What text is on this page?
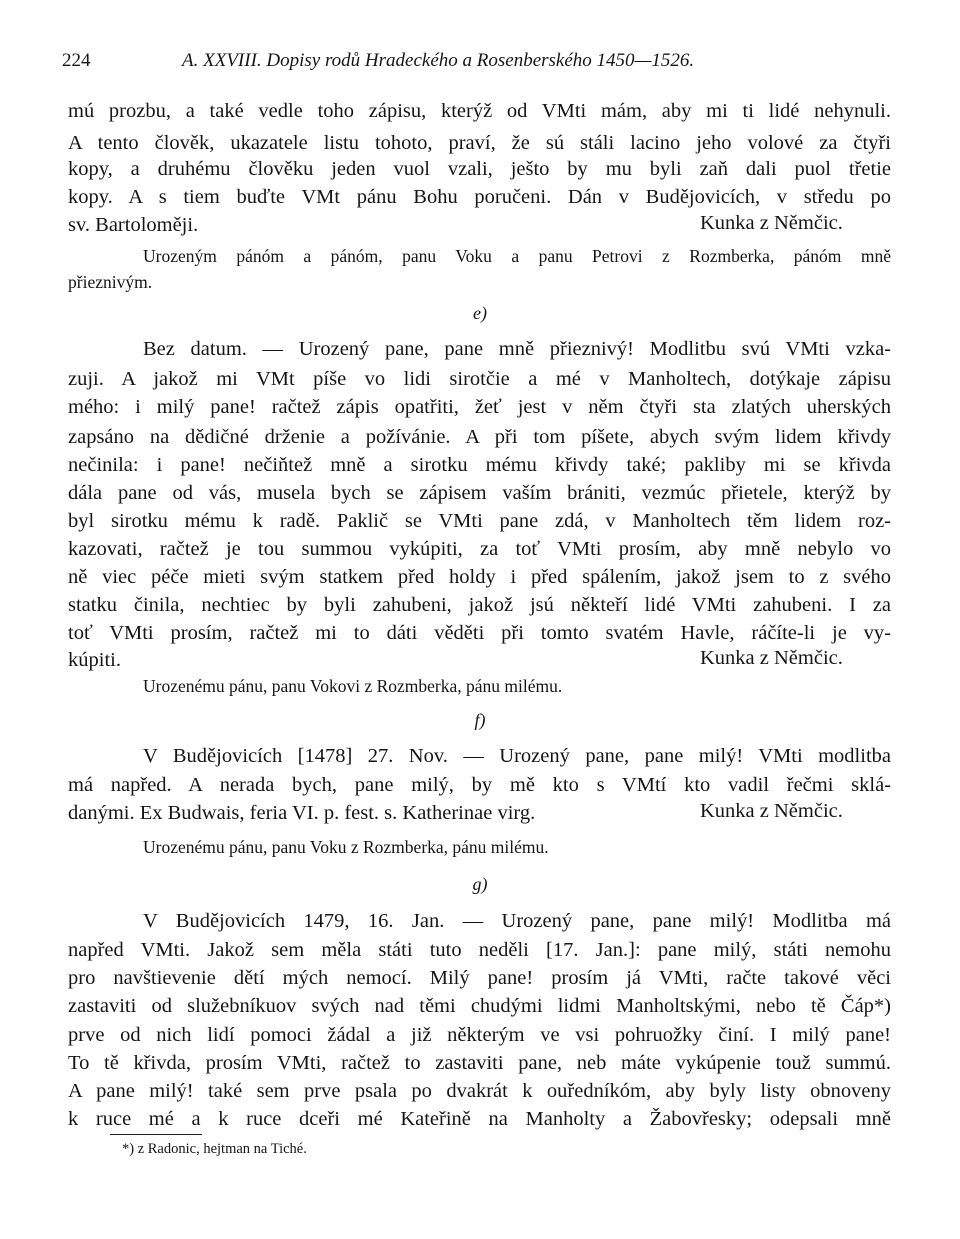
224	A. XXVIII. Dopisy rodů Hradeckého a Rosenberského 1450—1526.
mú prozbu, a také vedle toho zápisu, kterýž od VMti mám, aby mi ti lidé nehynuli.
A tento člověk, ukazatele listu tohoto, praví, že sú stáli lacino jeho volové za čtyři
kopy, a druhému člověku jeden vuol vzali, ješto by mu byli zaň dali puol třetie
kopy. A s tiem buďte VMt pánu Bohu poručeni. Dán v Budějovicích, v středu po
sv. Bartoloměji.	Kunka z Němčic.
Urozeným pánóm a pánóm, panu Voku a panu Petrovi z Rozmberka, pánóm mně
přieznivým.
e)
Bez datum. — Urozený pane, pane mně přieznivý! Modlitbu svú VMti vzka-
zuji. A jakož mi VMt píše vo lidi sirotčie a mé v Manholtech, dotýkaje zápisu
mého: i milý pane! račtež zápis opatřiti, žeť jest v něm čtyři sta zlatých uherských
zapsáno na dědičné drženie a požívánie. A při tom píšete, abych svým lidem křivdy
nečinila: i pane! nečiňtež mně a sirotku mému křivdy také; pakliby mi se křivda
dála pane od vás, musela bych se zápisem vaším brániti, vezmúc přietele, kterýž by
byl sirotku mému k radě. Paklič se VMti pane zdá, v Manholtech těm lidem roz-
kazovati, račtež je tou summou vykúpiti, za toť VMti prosím, aby mně nebylo vo
ně viec péče mieti svým statkem před holdy i před spálením, jakož jsem to z svého
statku činila, nechtiec by byli zahubeni, jakož jsú někteří lidé VMti zahubeni. I za
toť VMti prosím, račtež mi to dáti věděti při tomto svatém Havle, ráčíte-li je vy-
kúpiti.	Kunka z Němčic.
Urozenému pánu, panu Vokovi z Rozmberka, pánu milému.
f)
V Budějovicích [1478] 27. Nov. — Urozený pane, pane milý! VMti modlitba
má napřed. A nerada bych, pane milý, by mě kto s VMtí kto vadil řečmi sklá-
danými. Ex Budwais, feria VI. p. fest. s. Katherinae virg.	Kunka z Němčic.
Urozenému pánu, panu Voku z Rozmberka, pánu milému.
g)
V Budějovicích 1479, 16. Jan. — Urozený pane, pane milý! Modlitba má
napřed VMti. Jakož sem měla státi tuto neděli [17. Jan.]: pane milý, státi nemohu
pro navštievenie dětí mých nemocí. Milý pane! prosím já VMti, račte takové věci
zastaviti od služebníkuov svých nad těmi chudými lidmi Manholtskými, nebo tě Čáp*)
prve od nich lidí pomoci žádal a již některým ve vsi pohruožky činí. I milý pane!
To tě křivda, prosím VMti, račtež to zastaviti pane, neb máte vykúpenie touž summú.
A pane milý! také sem prve psala po dvakrát k ouředníkóm, aby byly listy obnoveny
k ruce mé a k ruce dceři mé Kateřině na Manholty a Žabovřesky; odepsali mně
*) z Radonic, hejtman na Tiché.
